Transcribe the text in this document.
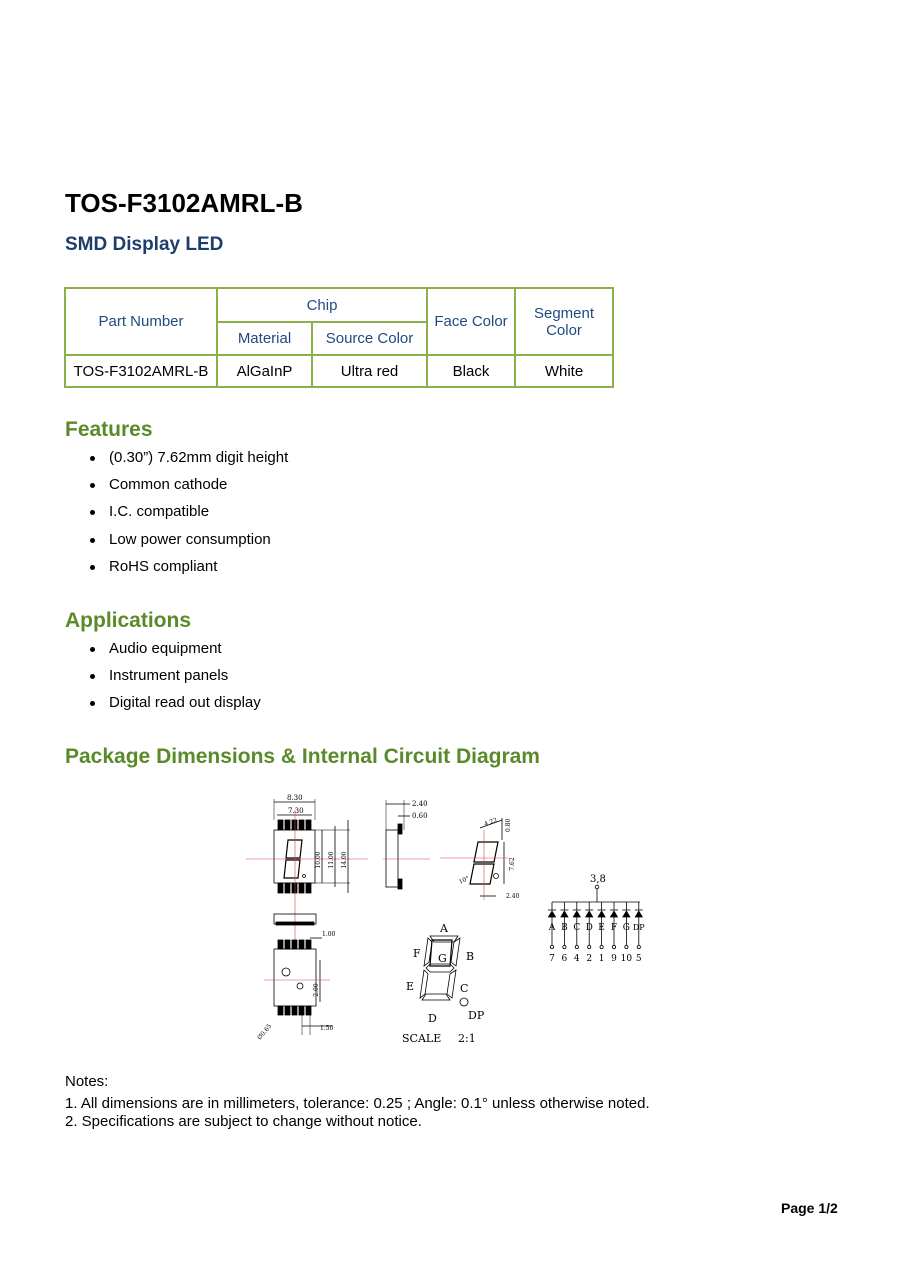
TOS-F3102AMRL-B
SMD Display LED
Part Number	Chip		Face Color	Segment Color
	Material	Source Color		
TOS-F3102AMRL-B	AlGaInP	Ultra red	Black	White
Features
(0.30”) 7.62mm digit height
Common cathode
I.C. compatible
Low power consumption
RoHS compliant
Applications
Audio equipment
Instrument panels
Digital read out display
Package Dimensions & Internal Circuit Diagram
8.30
7.30
10.00 11.00 14.00
2.40
0.60
4.22 0.80
7.62
10°
2.40
1.00
2.00
1.50
Ø0.65
A
B
C
D
E
F G
DP
SCALE 2:1
3,8
A
7
B
6
C
4
D
2
E
1
F
9
G
10
DP
5
Notes:
1. All dimensions are in millimeters, tolerance: 0.25 ; Angle: 0.1° unless otherwise noted.
2. Specifications are subject to change without notice.
Page 1/2
